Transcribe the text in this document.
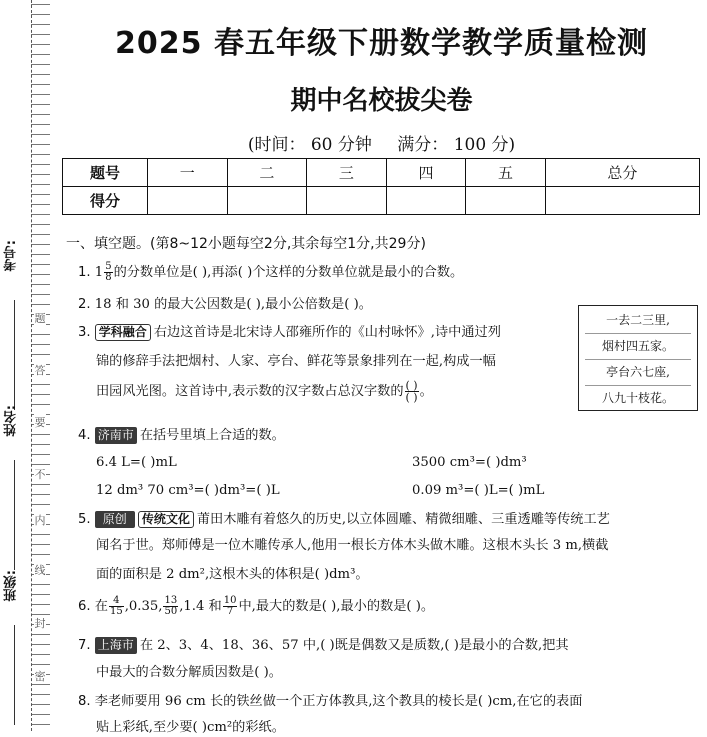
考号:
姓名:
班级:
题
答
要
不
内
线
封
密
2025 春五年级下册数学教学质量检测
期中名校拔尖卷
(时间： 60 分钟 满分： 100 分)
题号	一	二	三	四	五	总分
得分						
一、填空题。(第8~12小题每空2分,其余每空1分,共29分)
1. $1 \frac{5}{8}$ 的分数单位是( ),再添( )个这样的分数单位就是最小的合数。
2. 18 和 30 的最大公因数是( ),最小公倍数是( )。
3. 学科融合 右边这首诗是北宋诗人邵雍所作的《山村咏怀》,诗中通过列
锦的修辞手法把烟村、人家、亭台、鲜花等景象排列在一起,构成一幅
田园风光图。这首诗中,表示数的汉字数占总汉字数的 $\frac{( )}{( )}$ 。
一去二三里,
烟村四五家。
亭台六七座,
八九十枝花。
4. 济南市 在括号里填上合适的数。
6.4 L=( )mL	3500 cm³=( )dm³
12 dm³ 70 cm³=( )dm³=( )L	0.09 m³=( )L=( )mL
5. 原创 传统文化 莆田木雕有着悠久的历史,以立体圆雕、精微细雕、三重透雕等传统工艺
闻名于世。郑师傅是一位木雕传承人,他用一根长方体木头做木雕。这根木头长 3 m,横截
面的面积是 2 dm²,这根木头的体积是( )dm³。
6. 在 $\frac{4}{15} ,0.35$, $\frac{13}{50} ,1.4$ 和 $\frac{10}{7}$ 中,最大的数是( ),最小的数是( )。
7. 上海市 在 2、3、4、18、36、57 中,( )既是偶数又是质数,( )是最小的合数,把其
中最大的合数分解质因数是( )。
8. 李老师要用 96 cm 长的铁丝做一个正方体教具,这个教具的棱长是( )cm,在它的表面
贴上彩纸,至少要( )cm²的彩纸。
